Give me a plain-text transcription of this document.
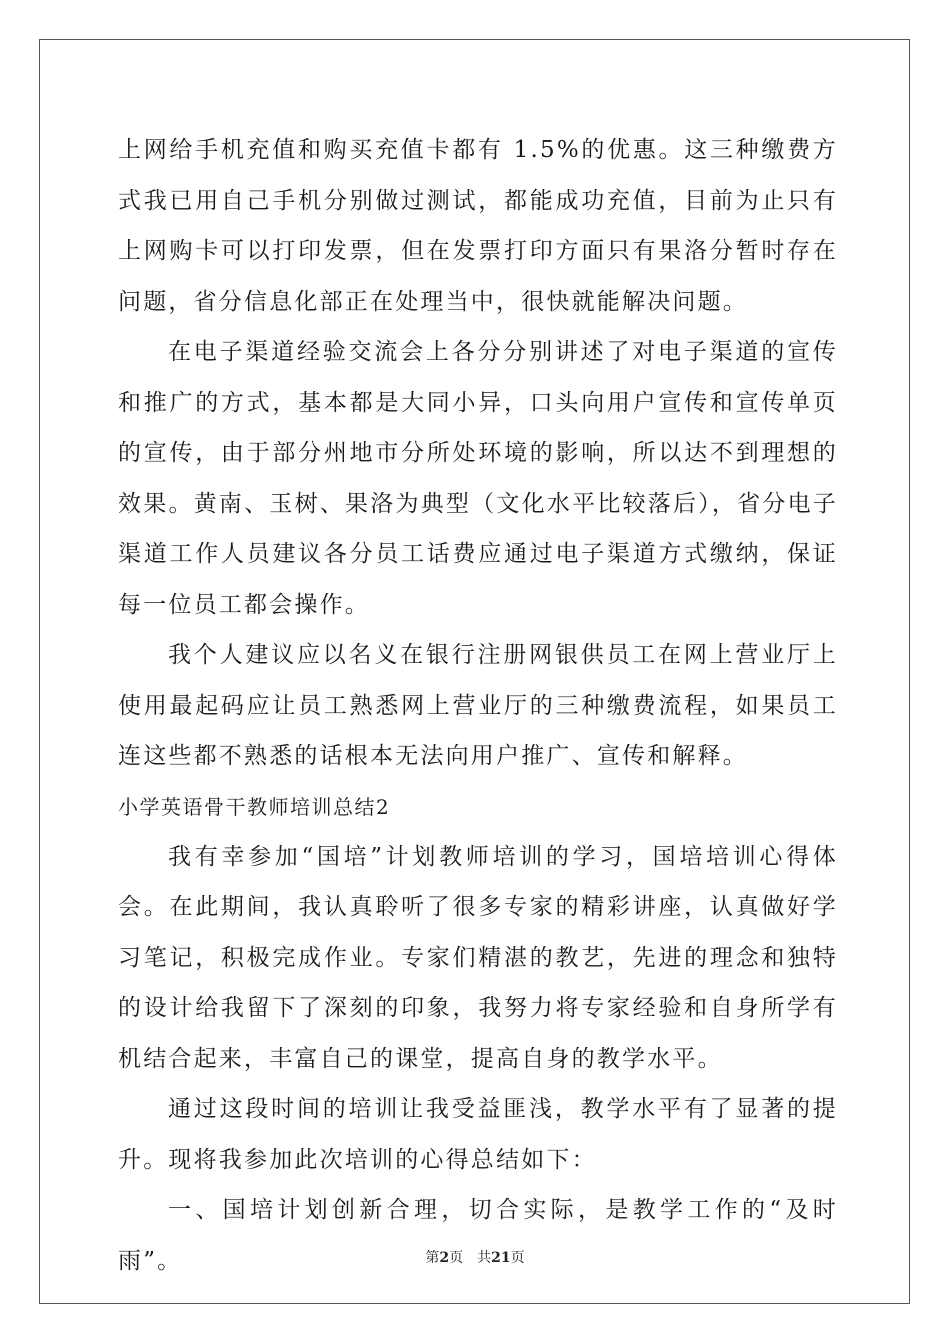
上网给手机充值和购买充值卡都有 1.5%的优惠。这三种缴费方式我已用自己手机分别做过测试，都能成功充值，目前为止只有上网购卡可以打印发票，但在发票打印方面只有果洛分暂时存在问题，省分信息化部正在处理当中，很快就能解决问题。

在电子渠道经验交流会上各分分别讲述了对电子渠道的宣传和推广的方式，基本都是大同小异，口头向用户宣传和宣传单页的宣传，由于部分州地市分所处环境的影响，所以达不到理想的效果。黄南、玉树、果洛为典型（文化水平比较落后），省分电子渠道工作人员建议各分员工话费应通过电子渠道方式缴纳，保证每一位员工都会操作。

我个人建议应以名义在银行注册网银供员工在网上营业厅上使用最起码应让员工熟悉网上营业厅的三种缴费流程，如果员工连这些都不熟悉的话根本无法向用户推广、宣传和解释。

小学英语骨干教师培训总结2

我有幸参加“国培”计划教师培训的学习，国培培训心得体会。在此期间，我认真聆听了很多专家的精彩讲座，认真做好学习笔记，积极完成作业。专家们精湛的教艺，先进的理念和独特的设计给我留下了深刻的印象，我努力将专家经验和自身所学有机结合起来，丰富自己的课堂，提高自身的教学水平。

通过这段时间的培训让我受益匪浅，教学水平有了显著的提升。现将我参加此次培训的心得总结如下：

一、国培计划创新合理，切合实际，是教学工作的“及时雨”。	第2页 共21页
